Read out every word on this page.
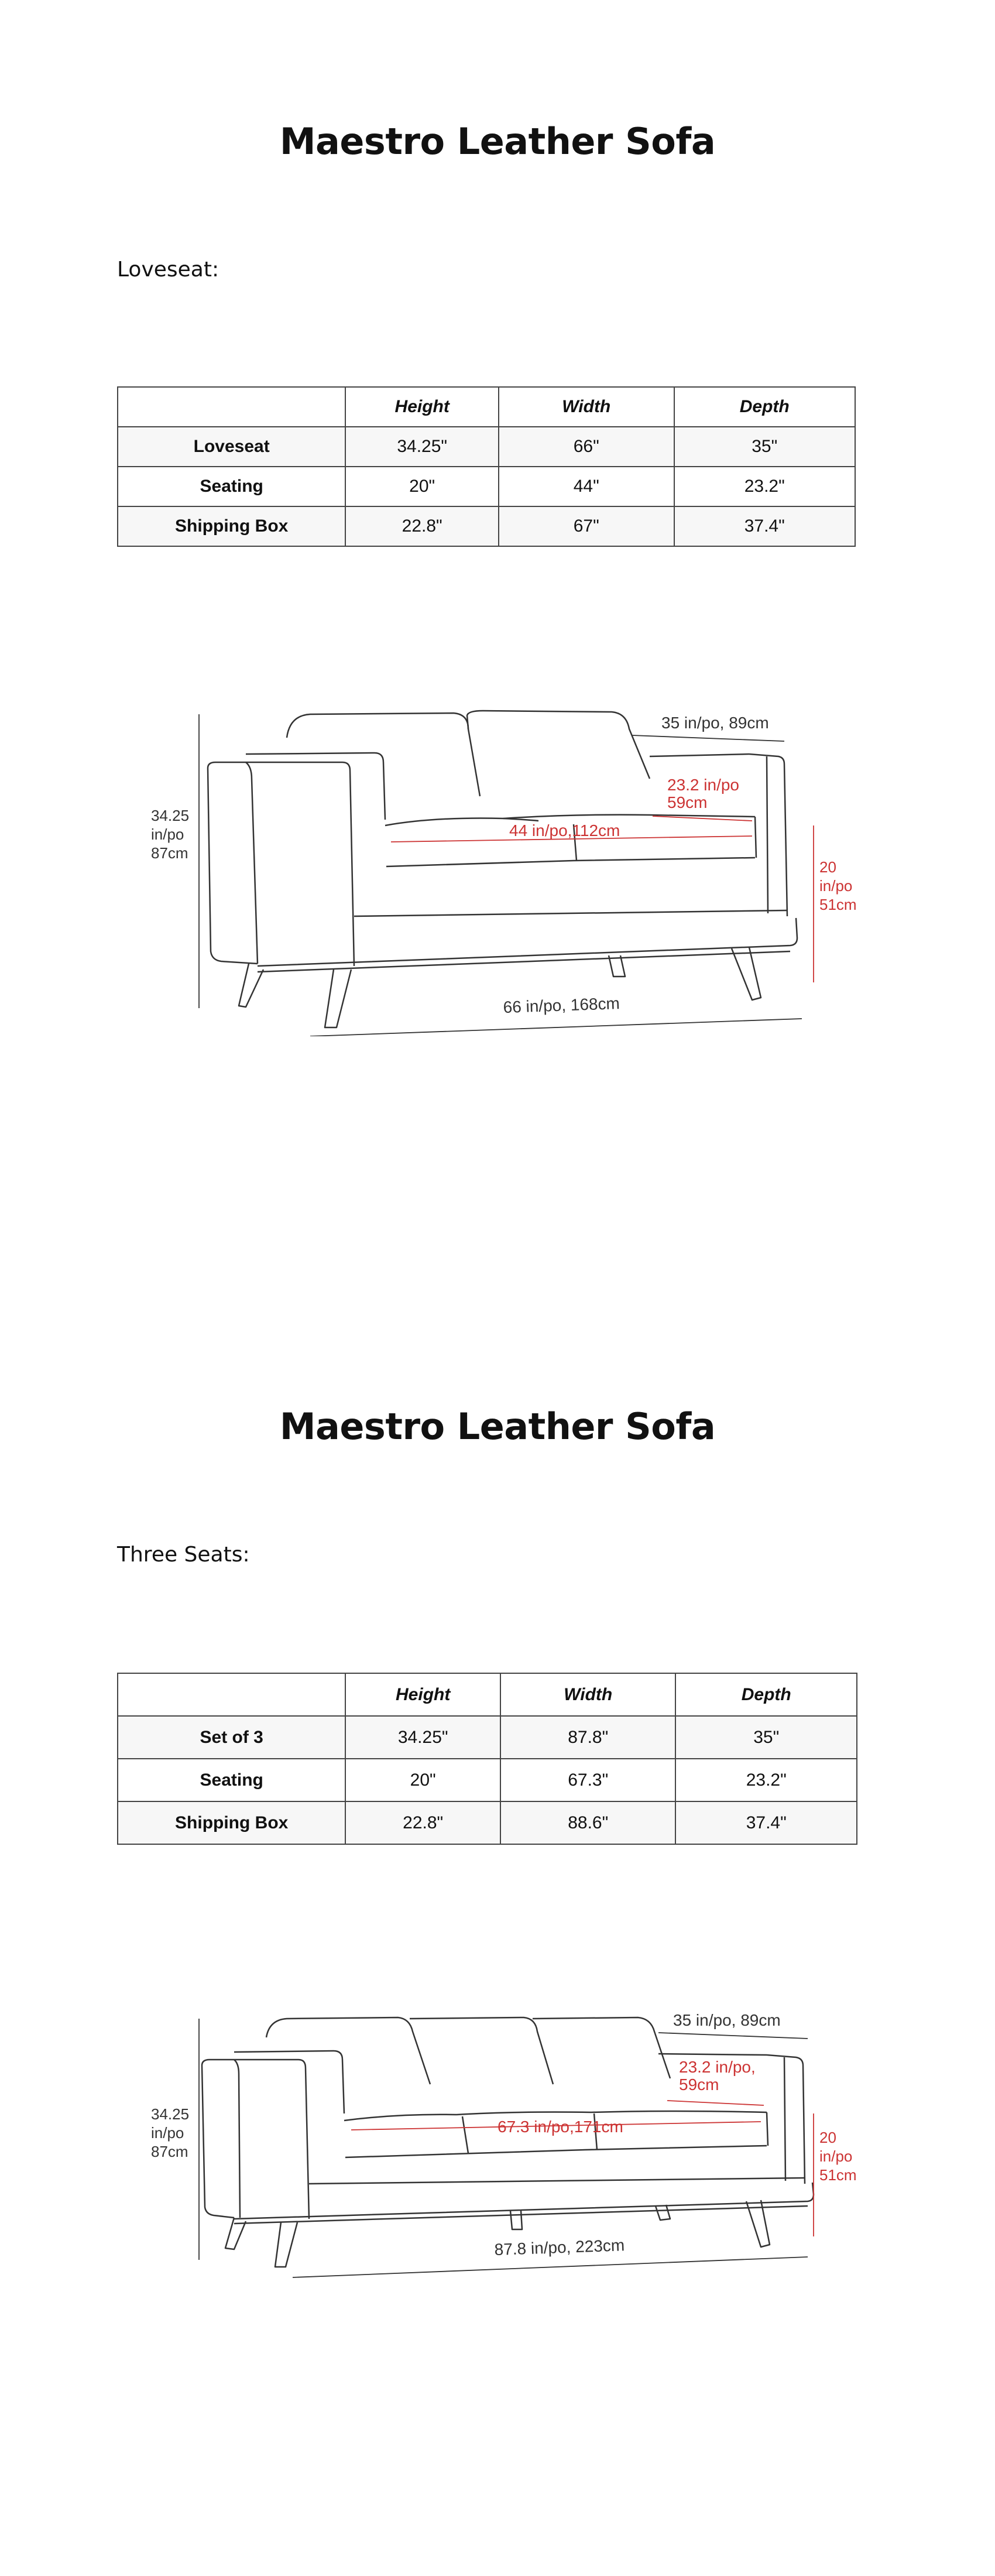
Maestro Leather Sofa

Loveseat:

	Height	Width	Depth
Loveseat	34.25"	66"	35"
Seating	20"	44"	23.2"
Shipping Box	22.8"	67"	37.4"
34.25
in/po
87cm
35 in/po, 89cm
23.2 in/po
59cm
44 in/po,112cm
20
in/po
51cm
66 in/po, 168cm
Maestro Leather Sofa

Three Seats:

	Height	Width	Depth
Set of 3	34.25"	87.8"	35"
Seating	20"	67.3"	23.2"
Shipping Box	22.8"	88.6"	37.4"
34.25
in/po
87cm
35 in/po, 89cm
23.2 in/po,
59cm
67.3 in/po,171cm
20
in/po
51cm
87.8 in/po, 223cm
